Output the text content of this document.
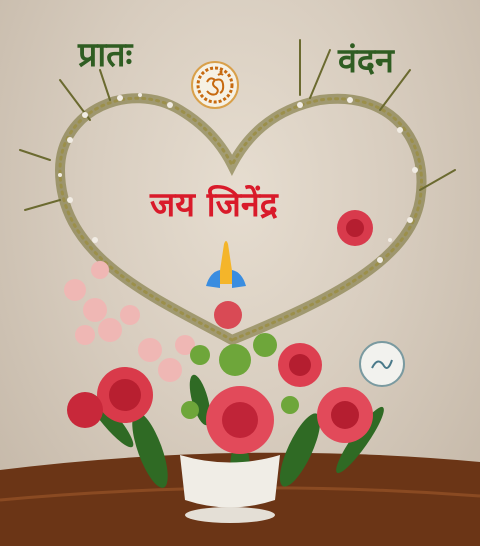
प्रातः	वंदन
जय जिनेंद्र
